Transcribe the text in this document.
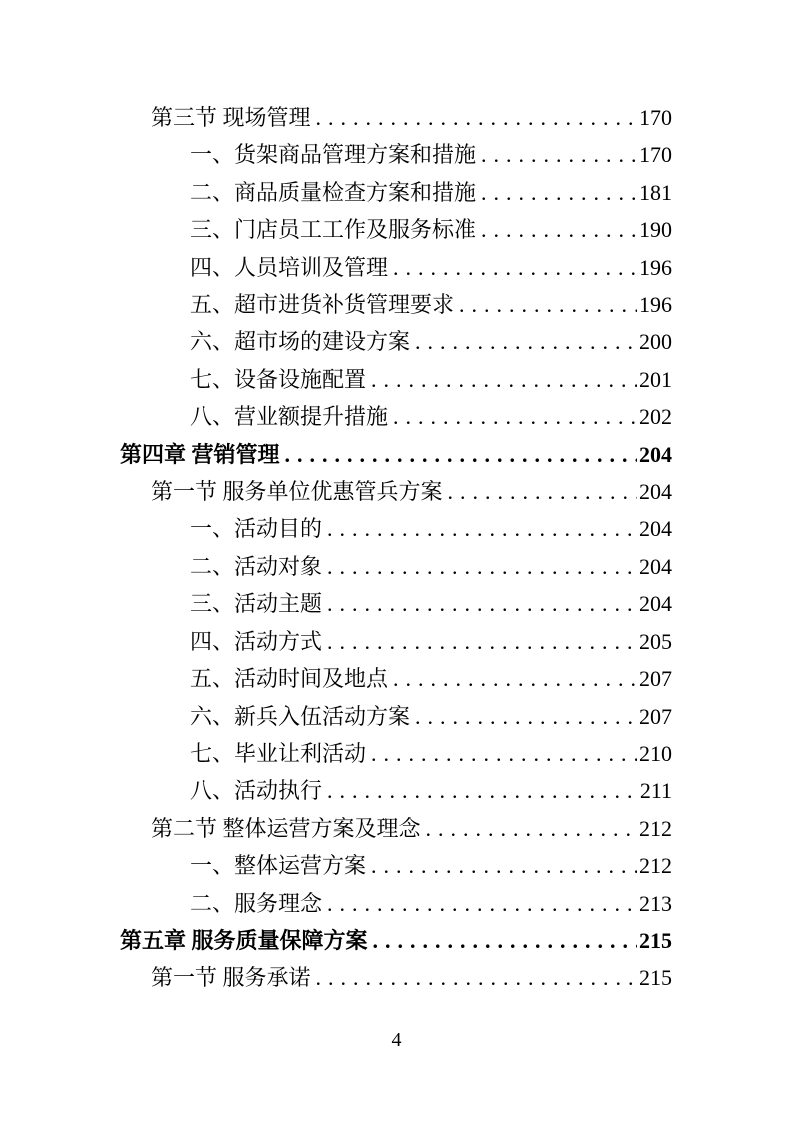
第三节 现场管理 .....	170
一、货架商品管理方案和措施 .....	170
二、商品质量检查方案和措施 .....	181
三、门店员工工作及服务标准 .....	190
四、人员培训及管理 .....	196
五、超市进货补货管理要求 .....	196
六、超市场的建设方案 .....	200
七、设备设施配置 .....	201
八、营业额提升措施 .....	202
第四章 营销管理 .....	204
第一节 服务单位优惠管兵方案 .....	204
一、活动目的 .....	204
二、活动对象 .....	204
三、活动主题 .....	204
四、活动方式 .....	205
五、活动时间及地点 .....	207
六、新兵入伍活动方案 .....	207
七、毕业让利活动 .....	210
八、活动执行 .....	211
第二节 整体运营方案及理念 .....	212
一、整体运营方案 .....	212
二、服务理念 .....	213
第五章 服务质量保障方案 .....	215
第一节 服务承诺 .....	215
4
